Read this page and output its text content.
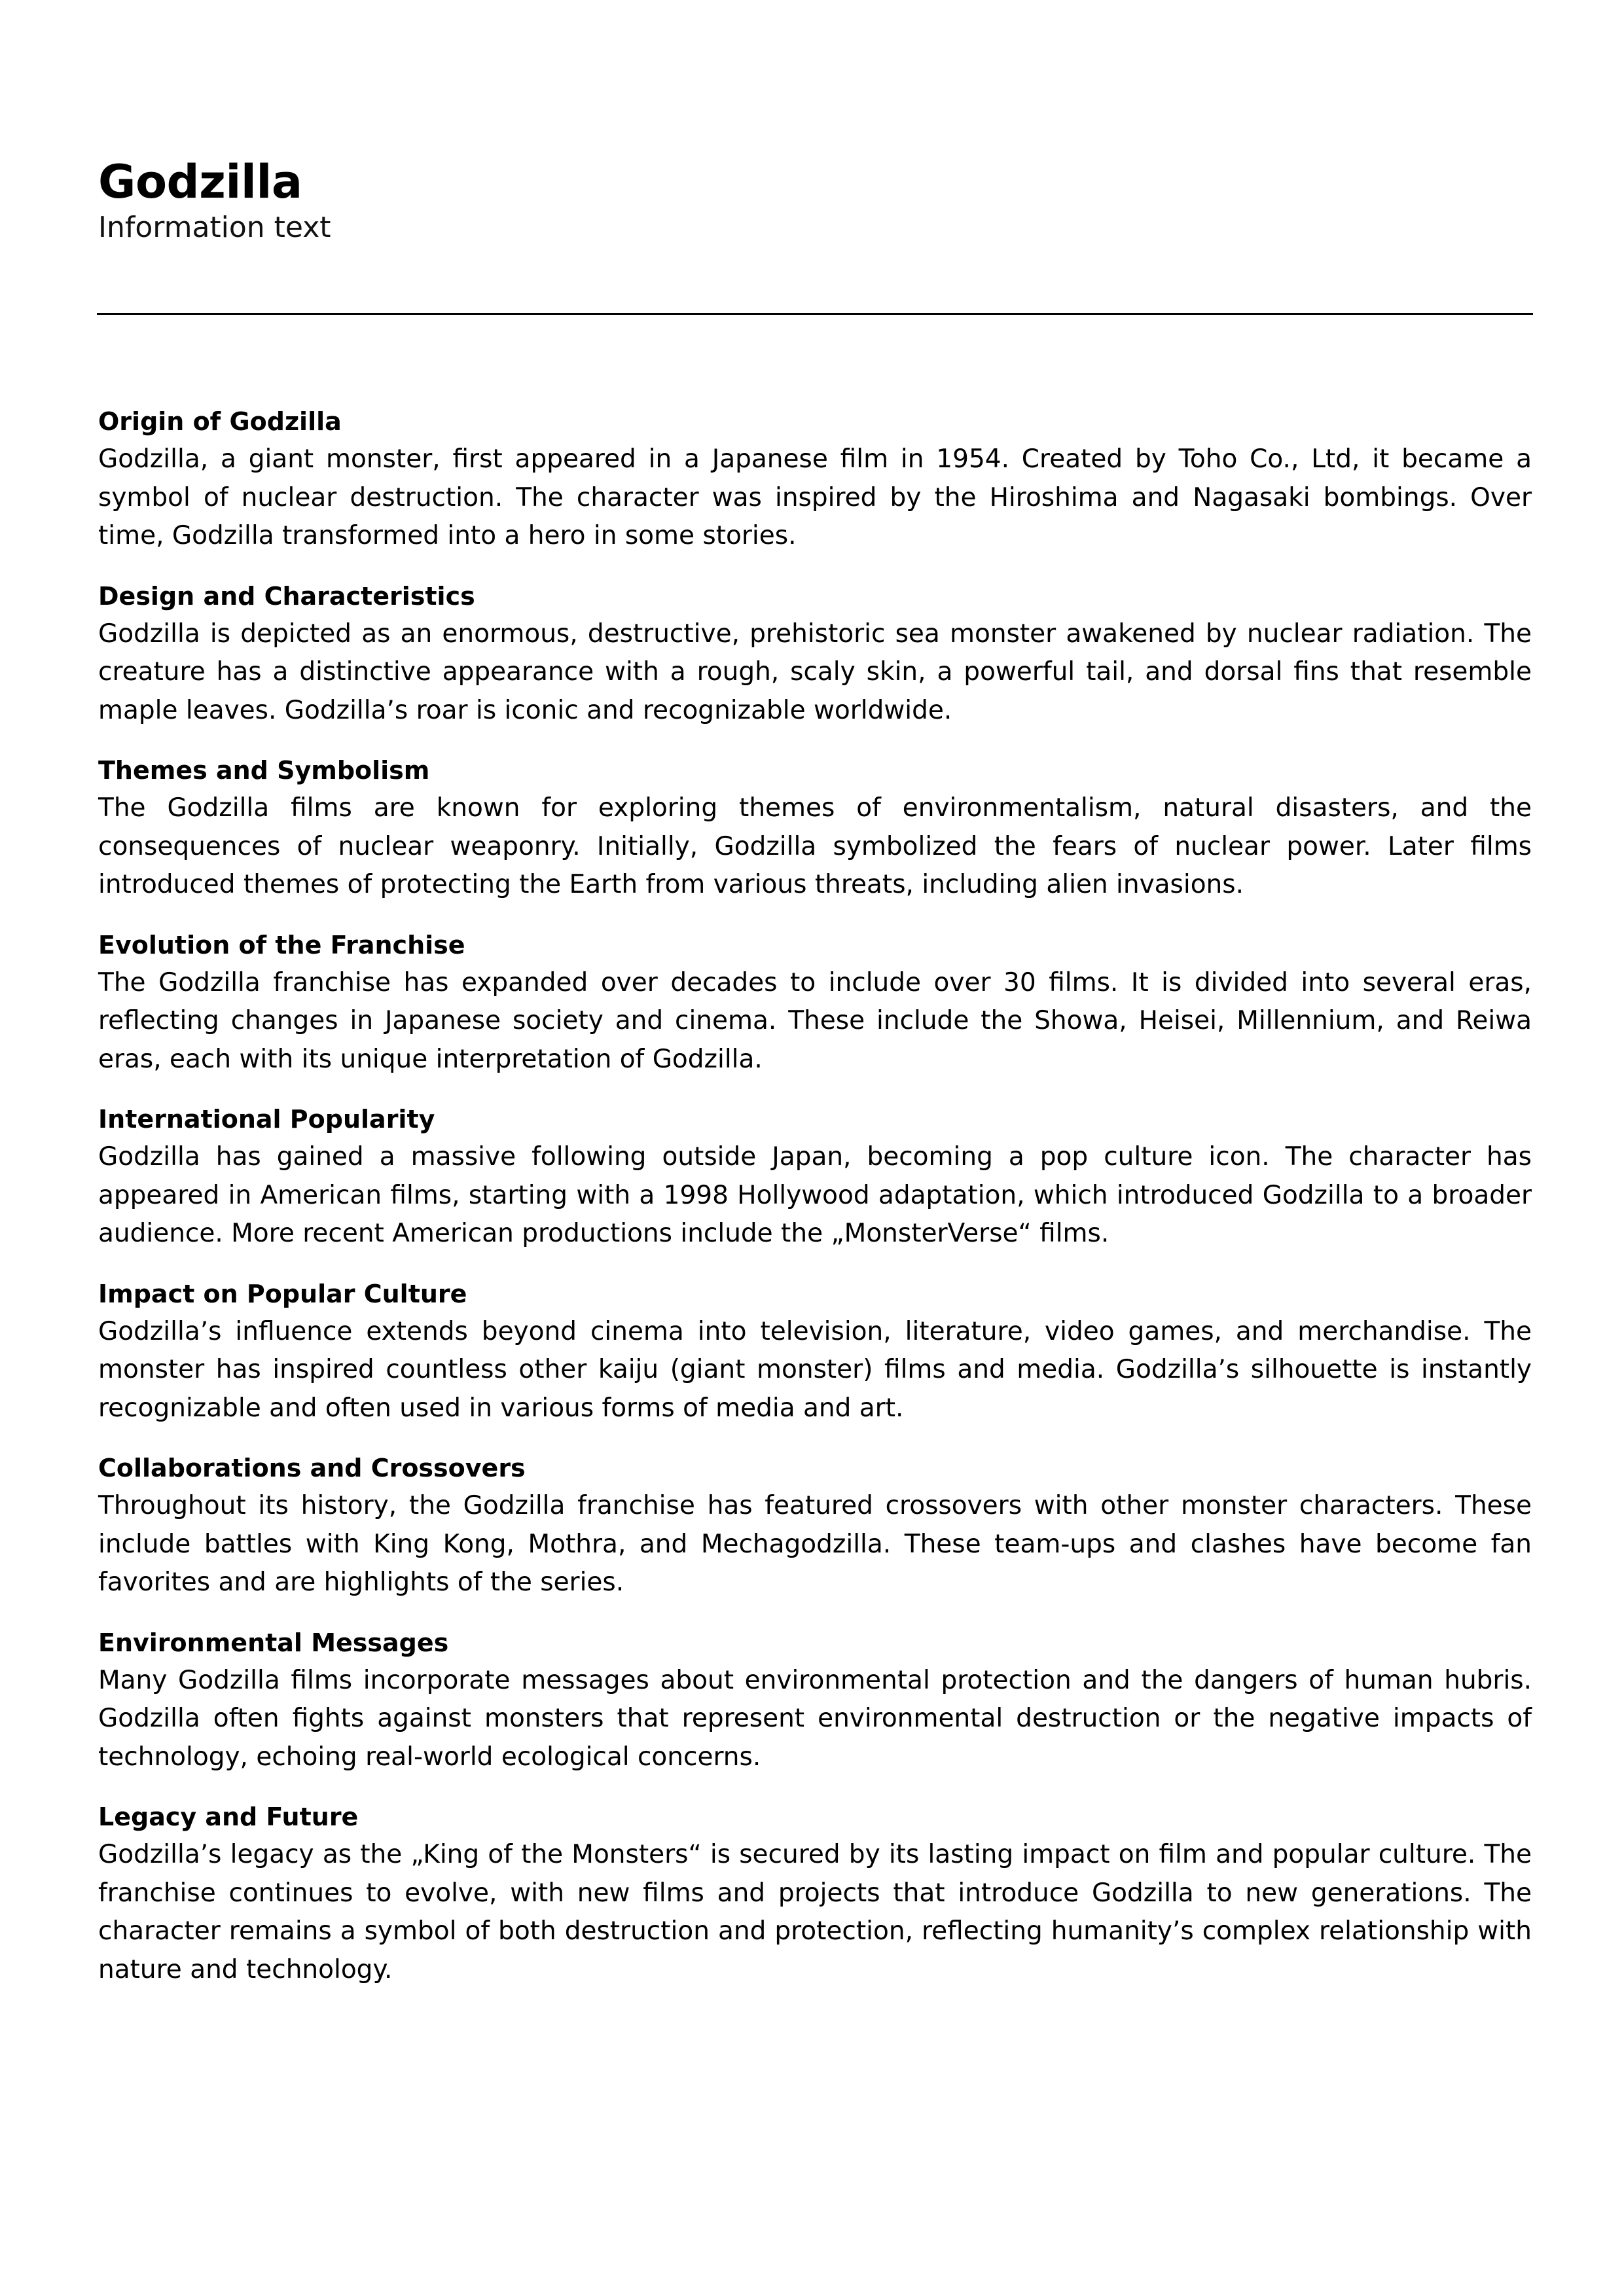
Godzilla

Information text

Origin of Godzilla

Godzilla, a giant monster, first appeared in a Japanese film in 1954. Created by Toho Co., Ltd, it became a symbol of nuclear destruction. The character was inspired by the Hiroshima and Nagasaki bombings. Over time, Godzilla transformed into a hero in some stories.

Design and Characteristics

Godzilla is depicted as an enormous, destructive, prehistoric sea monster awakened by nuclear radiation. The creature has a distinctive appearance with a rough, scaly skin, a powerful tail, and dorsal fins that resemble maple leaves. Godzilla’s roar is iconic and recognizable worldwide.

Themes and Symbolism

The Godzilla films are known for exploring themes of environmentalism, natural disasters, and the consequences of nuclear weaponry. Initially, Godzilla symbolized the fears of nuclear power. Later films introduced themes of protecting the Earth from various threats, including alien invasions.

Evolution of the Franchise

The Godzilla franchise has expanded over decades to include over 30 films. It is divided into several eras, reflecting changes in Japanese society and cinema. These include the Showa, Heisei, Millennium, and Reiwa eras, each with its unique interpretation of Godzilla.

International Popularity

Godzilla has gained a massive following outside Japan, becoming a pop culture icon. The character has appeared in American films, starting with a 1998 Hollywood adaptation, which introduced Godzilla to a broader audience. More recent American productions include the „MonsterVerse“ films.

Impact on Popular Culture

Godzilla’s influence extends beyond cinema into television, literature, video games, and merchandise. The monster has inspired countless other kaiju (giant monster) films and media. Godzilla’s silhouette is instantly recognizable and often used in various forms of media and art.

Collaborations and Crossovers

Throughout its history, the Godzilla franchise has featured crossovers with other monster characters. These include battles with King Kong, Mothra, and Mechagodzilla. These team-ups and clashes have become fan favorites and are highlights of the series.

Environmental Messages

Many Godzilla films incorporate messages about environmental protection and the dangers of human hubris. Godzilla often fights against monsters that represent environmental destruction or the negative impacts of technology, echoing real-world ecological concerns.

Legacy and Future

Godzilla’s legacy as the „King of the Monsters“ is secured by its lasting impact on film and popular culture. The franchise continues to evolve, with new films and projects that introduce Godzilla to new generations. The character remains a symbol of both destruction and protection, reflecting humanity’s complex relationship with nature and technology.
